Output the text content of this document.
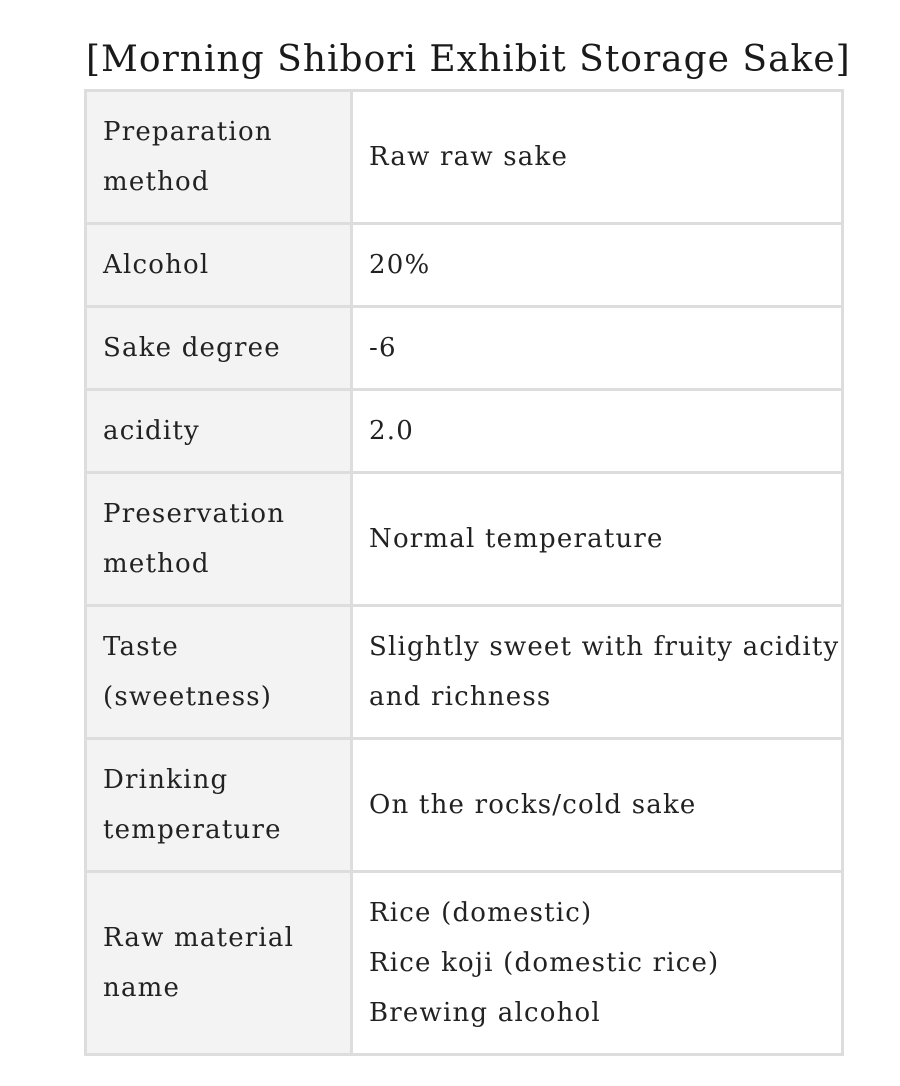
[Morning Shibori Exhibit Storage Sake]
Preparation
method	Raw raw sake

Alcohol	20%

Sake degree	-6

acidity	2.0

Preservation
method	Normal temperature

Taste
(sweetness)	Slightly sweet with fruity acidity
and richness

Drinking
temperature	On the rocks/cold sake

Raw material
name	Rice (domestic)
Rice koji (domestic rice)
Brewing alcohol
